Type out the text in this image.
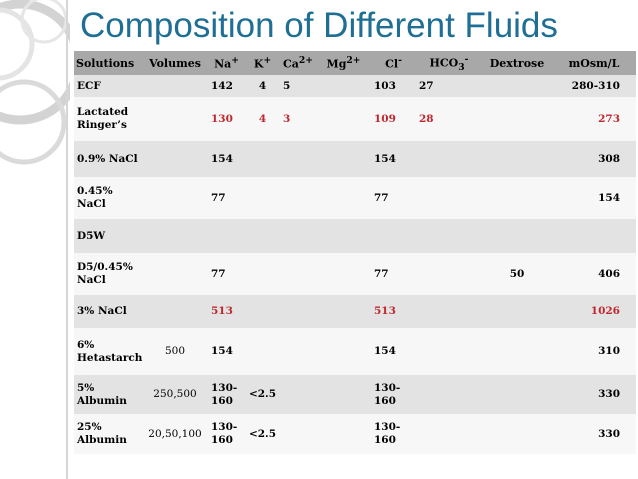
Composition of Different Fluids
Solutions	Volumes	Na+	K+	$Ca^{2+}$	$Mg^{2+}$	Cl-	$HCO_3^-$	Dextrose	mOsm/L
ECF		142	4	5		103	27		280-310
Lactated Ringer’s		130	4	3		109	28		273
0.9% NaCl		154				154			308
0.45% NaCl		77				77			154
D5W									
D5/0.45% NaCl		77				77		50	406
3% NaCl		513				513			1026
6% Hetastarch	500	154				154			310
5% Albumin	250,500	130-160	<2.5			130-160			330
25% Albumin	20,50,100	130-160	<2.5			130-160			330
